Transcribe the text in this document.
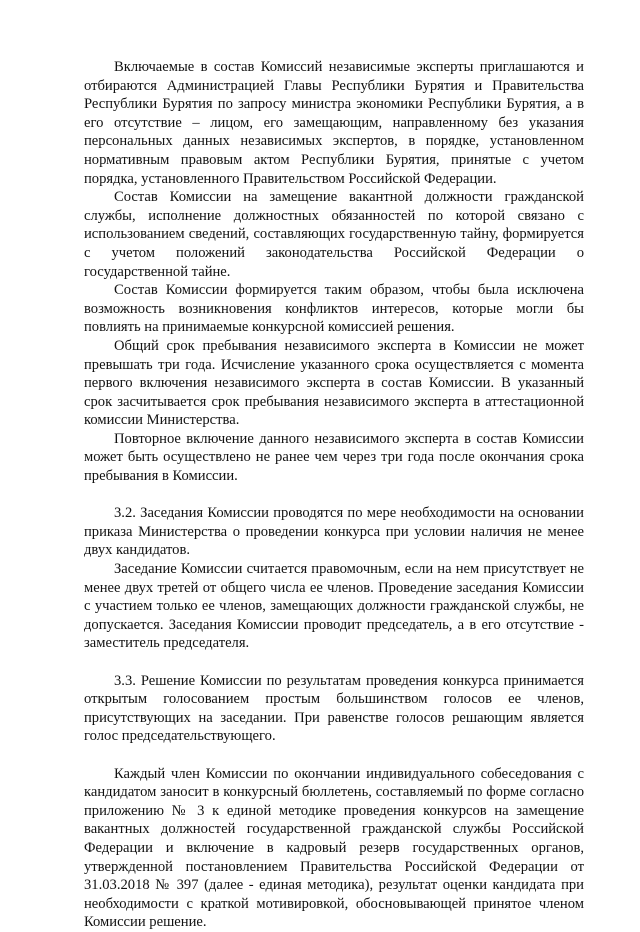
Включаемые в состав Комиссий независимые эксперты приглашаются и отбираются Администрацией Главы Республики Бурятия и Правительства Республики Бурятия по запросу министра экономики Республики Бурятия, а в его отсутствие – лицом, его замещающим, направленному без указания персональных данных независимых экспертов, в порядке, установленном нормативным правовым актом Республики Бурятия, принятые с учетом порядка, установленного Правительством Российской Федерации.

Состав Комиссии на замещение вакантной должности гражданской службы, исполнение должностных обязанностей по которой связано с использованием сведений, составляющих государственную тайну, формируется с учетом положений законодательства Российской Федерации о государственной тайне.

Состав Комиссии формируется таким образом, чтобы была исключена возможность возникновения конфликтов интересов, которые могли бы повлиять на принимаемые конкурсной комиссией решения.

Общий срок пребывания независимого эксперта в Комиссии не может превышать три года. Исчисление указанного срока осуществляется с момента первого включения независимого эксперта в состав Комиссии. В указанный срок засчитывается срок пребывания независимого эксперта в аттестационной комиссии Министерства.

Повторное включение данного независимого эксперта в состав Комиссии может быть осуществлено не ранее чем через три года после окончания срока пребывания в Комиссии.

3.2. Заседания Комиссии проводятся по мере необходимости на основании приказа Министерства о проведении конкурса при условии наличия не менее двух кандидатов.

Заседание Комиссии считается правомочным, если на нем присутствует не менее двух третей от общего числа ее членов. Проведение заседания Комиссии с участием только ее членов, замещающих должности гражданской службы, не допускается. Заседания Комиссии проводит председатель, а в его отсутствие - заместитель председателя.

3.3. Решение Комиссии по результатам проведения конкурса принимается открытым голосованием простым большинством голосов ее членов, присутствующих на заседании. При равенстве голосов решающим является голос председательствующего.

Каждый член Комиссии по окончании индивидуального собеседования с кандидатом заносит в конкурсный бюллетень, составляемый по форме согласно приложению № 3 к единой методике проведения конкурсов на замещение вакантных должностей государственной гражданской службы Российской Федерации и включение в кадровый резерв государственных органов, утвержденной постановлением Правительства Российской Федерации от 31.03.2018 № 397 (далее - единая методика), результат оценки кандидата при необходимости с краткой мотивировкой, обосновывающей принятое членом Комиссии решение.
